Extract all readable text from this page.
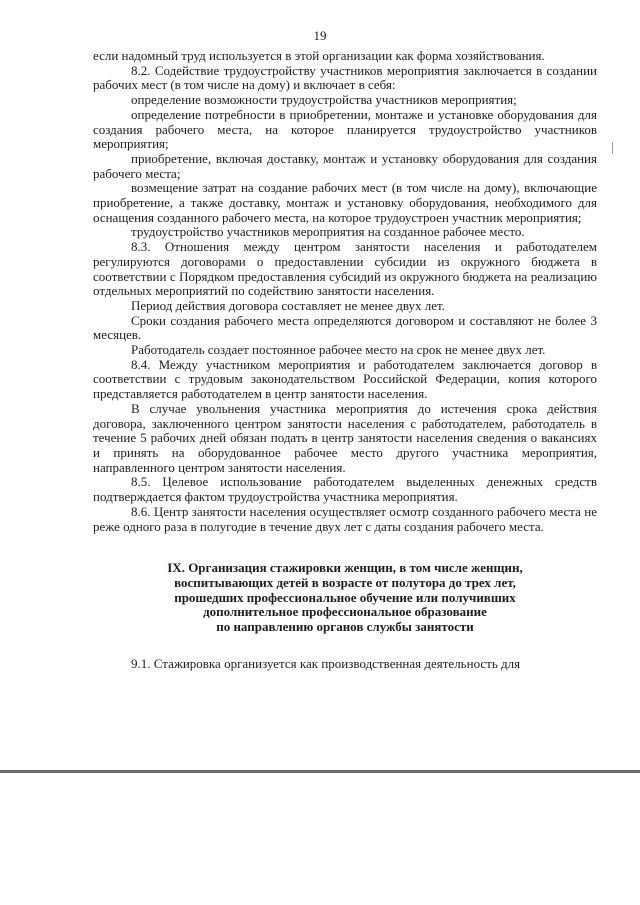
19

если надомный труд используется в этой организации как форма хозяйствования.

8.2. Содействие трудоустройству участников мероприятия заключается в создании рабочих мест (в том числе на дому) и включает в себя:

определение возможности трудоустройства участников мероприятия;

определение потребности в приобретении, монтаже и установке оборудования для создания рабочего места, на которое планируется трудоустройство участников мероприятия;

приобретение, включая доставку, монтаж и установку оборудования для создания рабочего места;

возмещение затрат на создание рабочих мест (в том числе на дому), включающие приобретение, а также доставку, монтаж и установку оборудования, необходимого для оснащения созданного рабочего места, на которое трудоустроен участник мероприятия;

трудоустройство участников мероприятия на созданное рабочее место.

8.3. Отношения между центром занятости населения и работодателем регулируются договорами о предоставлении субсидии из окружного бюджета в соответствии с Порядком предоставления субсидий из окружного бюджета на реализацию отдельных мероприятий по содействию занятости населения.

Период действия договора составляет не менее двух лет.

Сроки создания рабочего места определяются договором и составляют не более 3 месяцев.

Работодатель создает постоянное рабочее место на срок не менее двух лет.

8.4. Между участником мероприятия и работодателем заключается договор в соответствии с трудовым законодательством Российской Федерации, копия которого представляется работодателем в центр занятости населения.

В случае увольнения участника мероприятия до истечения срока действия договора, заключенного центром занятости населения с работодателем, работодатель в течение 5 рабочих дней обязан подать в центр занятости населения сведения о вакансиях и принять на оборудованное рабочее место другого участника мероприятия, направленного центром занятости населения.

8.5. Целевое использование работодателем выделенных денежных средств подтверждается фактом трудоустройства участника мероприятия.

8.6. Центр занятости населения осуществляет осмотр созданного рабочего места не реже одного раза в полугодие в течение двух лет с даты создания рабочего места.

IX. Организация стажировки женщин, в том числе женщин,
воспитывающих детей в возрасте от полутора до трех лет,
прошедших профессиональное обучение или получивших
дополнительное профессиональное образование
по направлению органов службы занятости

9.1. Стажировка организуется как производственная деятельность для
